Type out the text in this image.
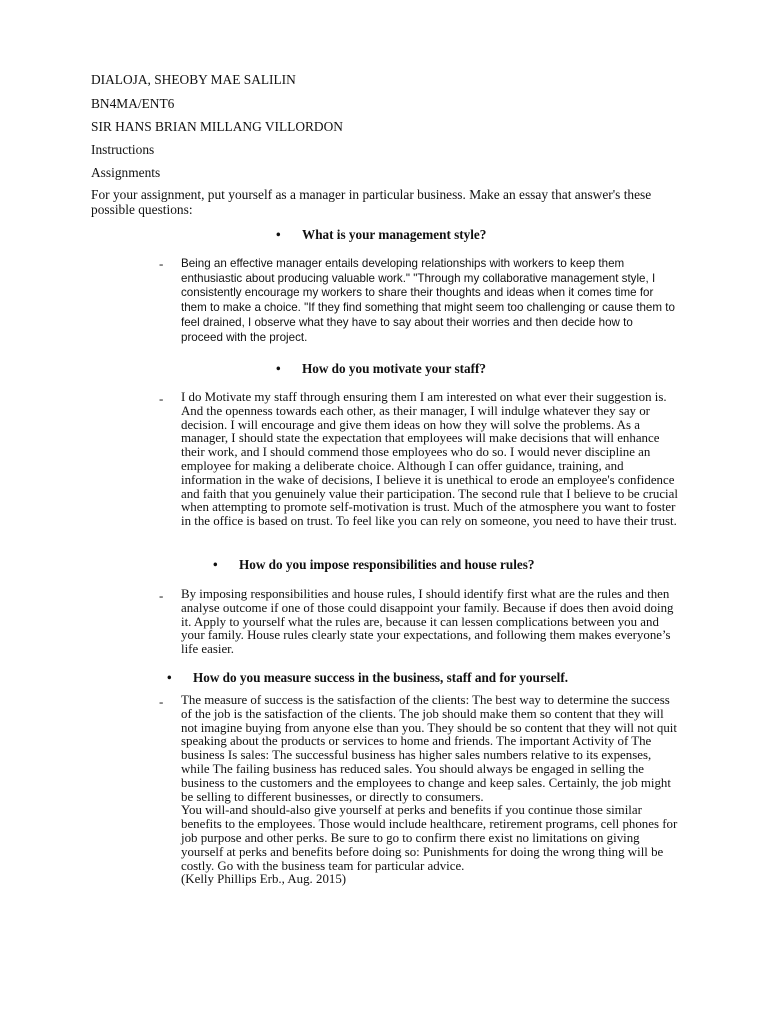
DIALOJA, SHEOBY MAE SALILIN
BN4MA/ENT6
SIR HANS BRIAN MILLANG VILLORDON
Instructions
Assignments
For your assignment, put yourself as a manager in particular business. Make an essay that answer's these possible questions:
• What is your management style?
- Being an effective manager entails developing relationships with workers to keep them enthusiastic about producing valuable work." "Through my collaborative management style, I consistently encourage my workers to share their thoughts and ideas when it comes time for them to make a choice. "If they find something that might seem too challenging or cause them to feel drained, I observe what they have to say about their worries and then decide how to proceed with the project.
• How do you motivate your staff?
- I do Motivate my staff through ensuring them I am interested on what ever their suggestion is. And the openness towards each other, as their manager, I will indulge whatever they say or decision. I will encourage and give them ideas on how they will solve the problems. As a manager, I should state the expectation that employees will make decisions that will enhance their work, and I should commend those employees who do so. I would never discipline an employee for making a deliberate choice. Although I can offer guidance, training, and information in the wake of decisions, I believe it is unethical to erode an employee's confidence and faith that you genuinely value their participation. The second rule that I believe to be crucial when attempting to promote self-motivation is trust. Much of the atmosphere you want to foster in the office is based on trust. To feel like you can rely on someone, you need to have their trust.
• How do you impose responsibilities and house rules?
- By imposing responsibilities and house rules, I should identify first what are the rules and then analyse outcome if one of those could disappoint your family. Because if does then avoid doing it. Apply to yourself what the rules are, because it can lessen complications between you and your family. House rules clearly state your expectations, and following them makes everyone’s life easier.
• How do you measure success in the business, staff and for yourself.
- The measure of success is the satisfaction of the clients: The best way to determine the success of the job is the satisfaction of the clients. The job should make them so content that they will not imagine buying from anyone else than you. They should be so content that they will not quit speaking about the products or services to home and friends. The important Activity of The business Is sales: The successful business has higher sales numbers relative to its expenses, while The failing business has reduced sales. You should always be engaged in selling the business to the customers and the employees to change and keep sales. Certainly, the job might be selling to different businesses, or directly to consumers.

You will-and should-also give yourself at perks and benefits if you continue those similar benefits to the employees. Those would include healthcare, retirement programs, cell phones for job purpose and other perks. Be sure to go to confirm there exist no limitations on giving yourself at perks and benefits before doing so: Punishments for doing the wrong thing will be costly. Go with the business team for particular advice.

(Kelly Phillips Erb., Aug. 2015)
